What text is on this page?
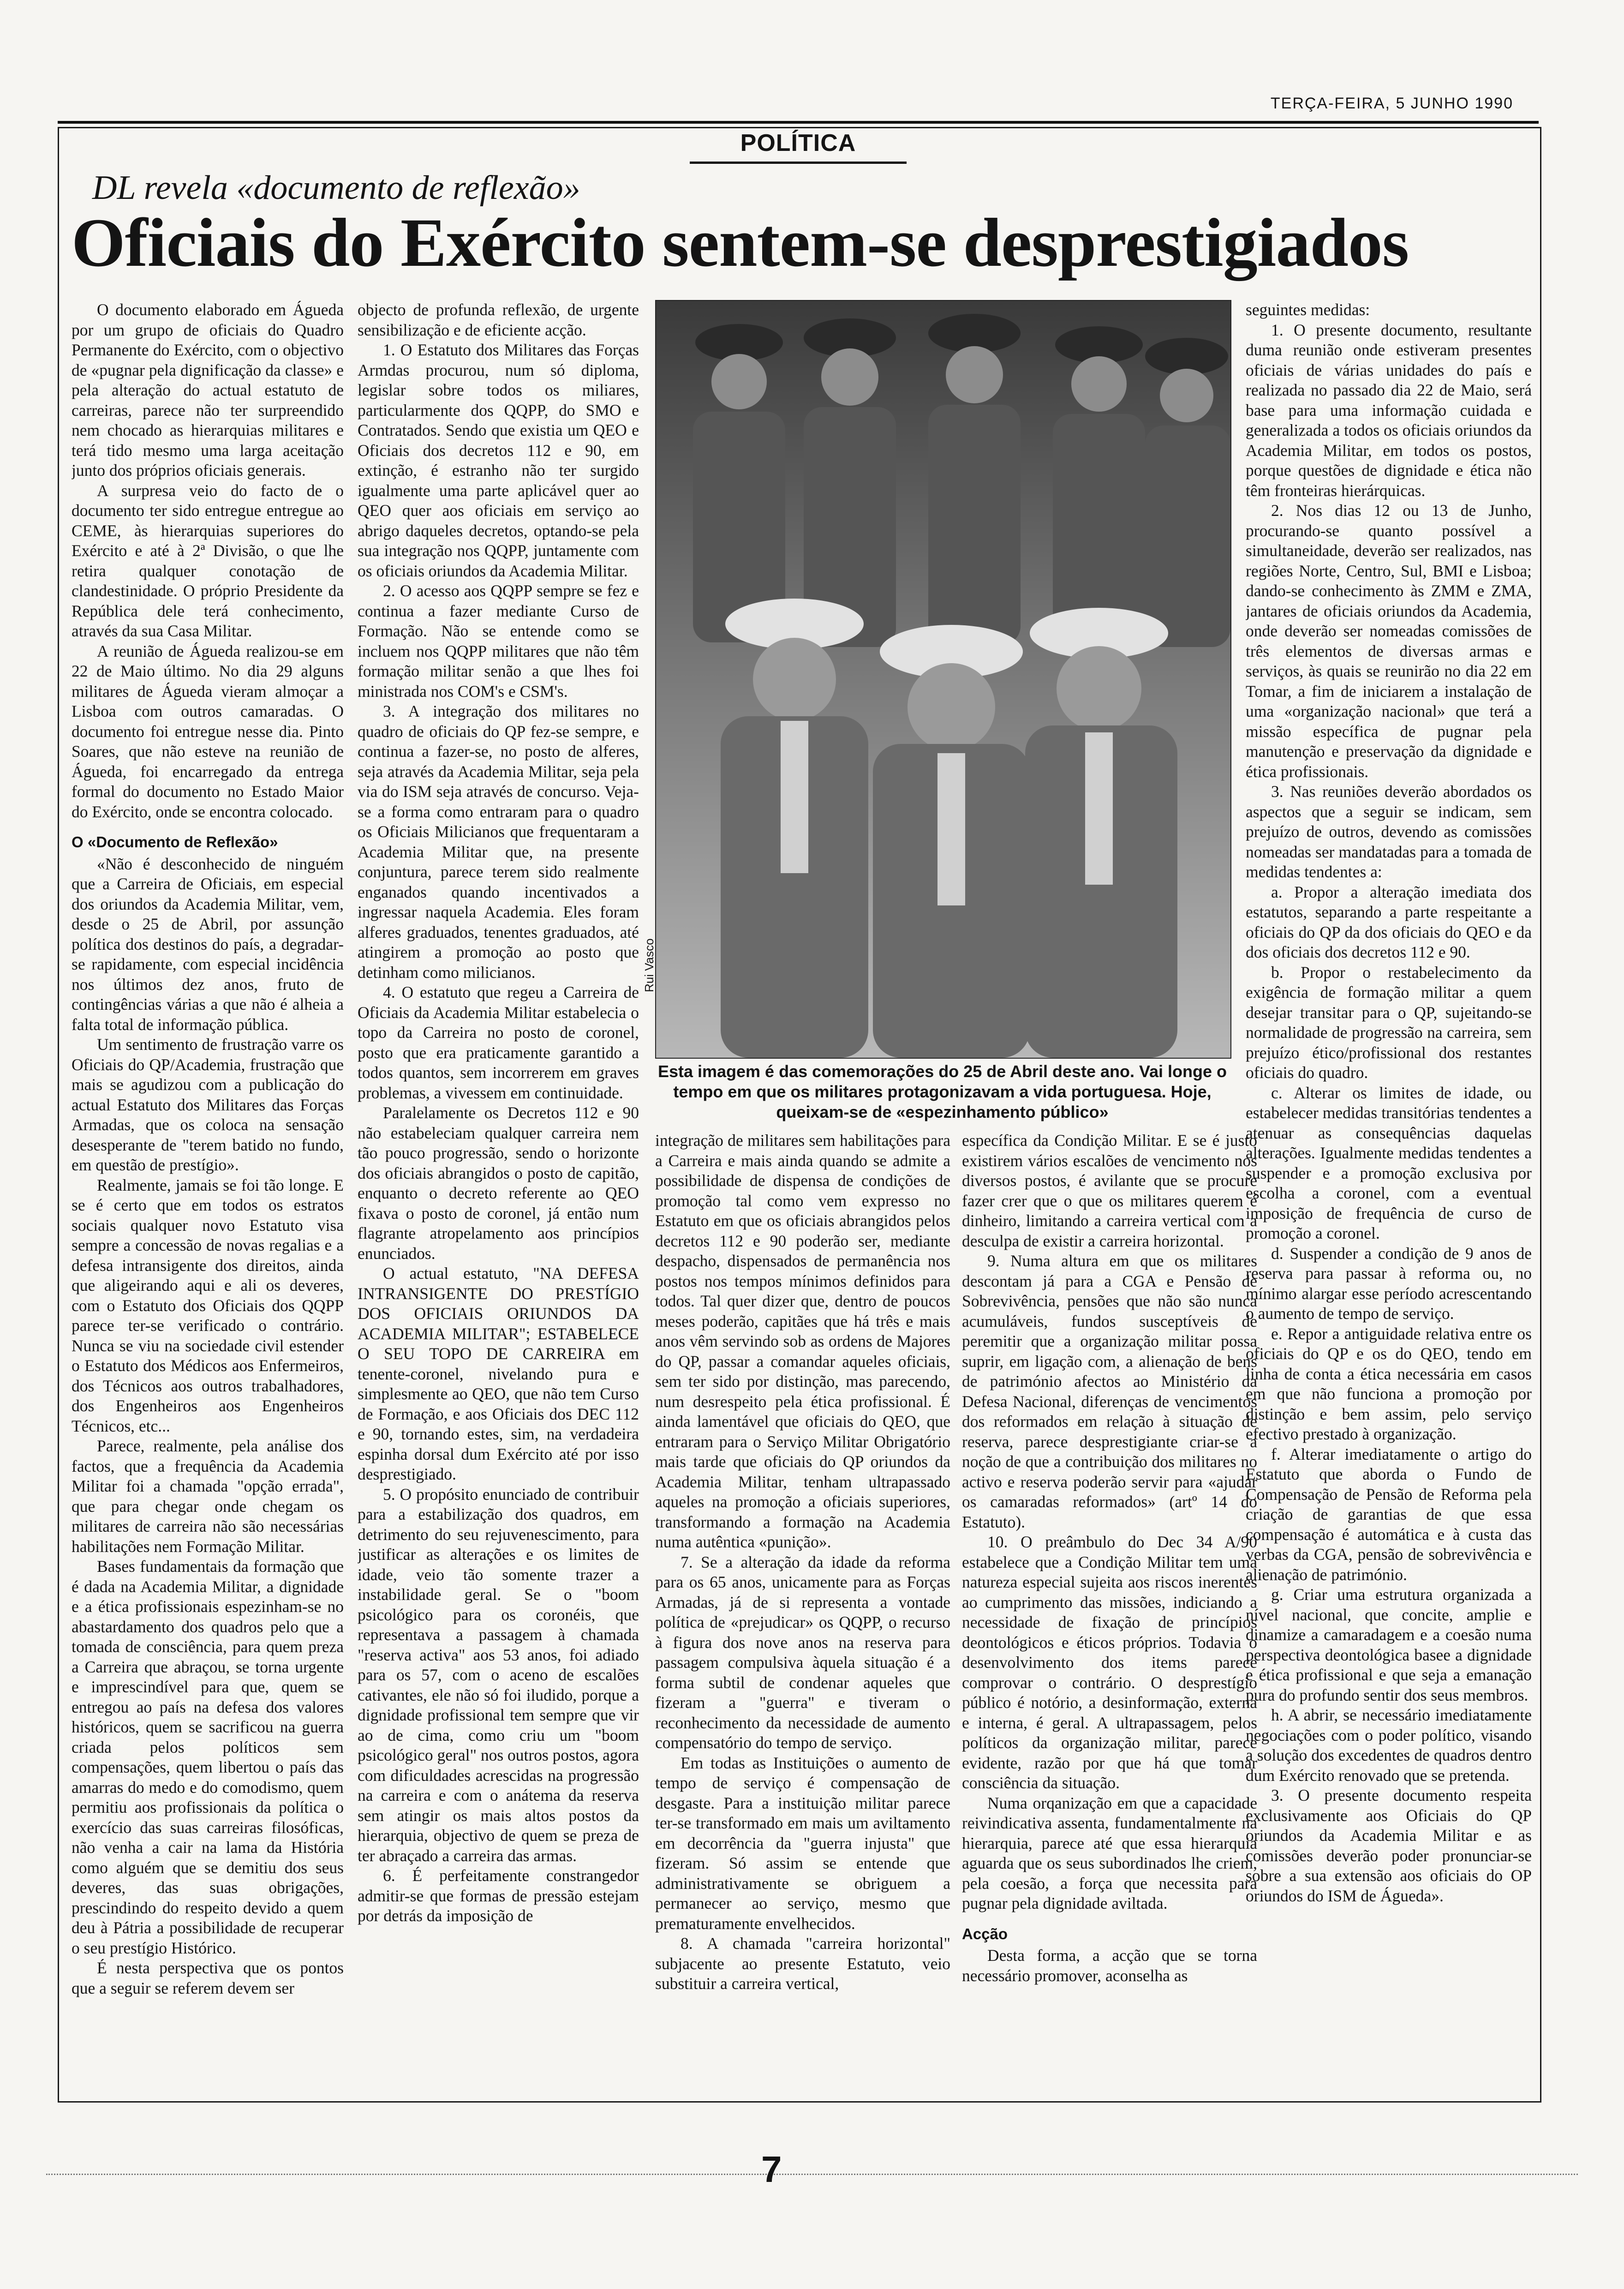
TERÇA-FEIRA, 5 JUNHO 1990
POLÍTICA
DL revela «documento de reflexão»
Oficiais do Exército sentem-se desprestigiados

O documento elaborado em Águeda por um grupo de oficiais do Quadro Permanente do Exército, com o objectivo de «pugnar pela dignificação da classe» e pela alteração do actual estatuto de carreiras, parece não ter surpreendido nem chocado as hierarquias militares e terá tido mesmo uma larga aceitação junto dos próprios oficiais generais.

A surpresa veio do facto de o documento ter sido entregue entregue ao CEME, às hierarquias superiores do Exército e até à 2ª Divisão, o que lhe retira qualquer conotação de clandestinidade. O próprio Presidente da República dele terá conhecimento, através da sua Casa Militar.

A reunião de Águeda realizou-se em 22 de Maio último. No dia 29 alguns militares de Águeda vieram almoçar a Lisboa com outros camaradas. O documento foi entregue nesse dia. Pinto Soares, que não esteve na reunião de Águeda, foi encarregado da entrega formal do documento no Estado Maior do Exército, onde se encontra colocado.

O «Documento de Reflexão»

«Não é desconhecido de ninguém que a Carreira de Oficiais, em especial dos oriundos da Academia Militar, vem, desde o 25 de Abril, por assunção política dos destinos do país, a degradar-se rapidamente, com especial incidência nos últimos dez anos, fruto de contingências várias a que não é alheia a falta total de informação pública.

Um sentimento de frustração varre os Oficiais do QP/Academia, frustração que mais se agudizou com a publicação do actual Estatuto dos Militares das Forças Armadas, que os coloca na sensação desesperante de "terem batido no fundo, em questão de prestígio».

Realmente, jamais se foi tão longe. E se é certo que em todos os estratos sociais qualquer novo Estatuto visa sempre a concessão de novas regalias e a defesa intransigente dos direitos, ainda que aligeirando aqui e ali os deveres, com o Estatuto dos Oficiais dos QQPP parece ter-se verificado o contrário. Nunca se viu na sociedade civil estender o Estatuto dos Médicos aos Enfermeiros, dos Técnicos aos outros trabalhadores, dos Engenheiros aos Engenheiros Técnicos, etc...

Parece, realmente, pela análise dos factos, que a frequência da Academia Militar foi a chamada "opção errada", que para chegar onde chegam os militares de carreira não são necessárias habilitações nem Formação Militar.

Bases fundamentais da formação que é dada na Academia Militar, a dignidade e a ética profissionais espezinham-se no abastardamento dos quadros pelo que a tomada de consciência, para quem preza a Carreira que abraçou, se torna urgente e imprescindível para que, quem se entregou ao país na defesa dos valores históricos, quem se sacrificou na guerra criada pelos políticos sem compensações, quem libertou o país das amarras do medo e do comodismo, quem permitiu aos profissionais da política o exercício das suas carreiras filosóficas, não venha a cair na lama da História como alguém que se demitiu dos seus deveres, das suas obrigações, prescindindo do respeito devido a quem deu à Pátria a possibilidade de recuperar o seu prestígio Histórico.

É nesta perspectiva que os pontos que a seguir se referem devem ser

objecto de profunda reflexão, de urgente sensibilização e de eficiente acção.

1. O Estatuto dos Militares das Forças Armdas procurou, num só diploma, legislar sobre todos os miliares, particularmente dos QQPP, do SMO e Contratados. Sendo que existia um QEO e Oficiais dos decretos 112 e 90, em extinção, é estranho não ter surgido igualmente uma parte aplicável quer ao QEO quer aos oficiais em serviço ao abrigo daqueles decretos, optando-se pela sua integração nos QQPP, juntamente com os oficiais oriundos da Academia Militar.

2. O acesso aos QQPP sempre se fez e continua a fazer mediante Curso de Formação. Não se entende como se incluem nos QQPP militares que não têm formação militar senão a que lhes foi ministrada nos COM's e CSM's.

3. A integração dos militares no quadro de oficiais do QP fez-se sempre, e continua a fazer-se, no posto de alferes, seja através da Academia Militar, seja pela via do ISM seja através de concurso. Veja-se a forma como entraram para o quadro os Oficiais Milicianos que frequentaram a Academia Militar que, na presente conjuntura, parece terem sido realmente enganados quando incentivados a ingressar naquela Academia. Eles foram alferes graduados, tenentes graduados, até atingirem a promoção ao posto que detinham como milicianos.

4. O estatuto que regeu a Carreira de Oficiais da Academia Militar estabelecia o topo da Carreira no posto de coronel, posto que era praticamente garantido a todos quantos, sem incorrerem em graves problemas, a vivessem em continuidade.

Paralelamente os Decretos 112 e 90 não estabeleciam qualquer carreira nem tão pouco progressão, sendo o horizonte dos oficiais abrangidos o posto de capitão, enquanto o decreto referente ao QEO fixava o posto de coronel, já então num flagrante atropelamento aos princípios enunciados.

O actual estatuto, "NA DEFESA INTRANSIGENTE DO PRESTÍGIO DOS OFICIAIS ORIUNDOS DA ACADEMIA MILITAR"; ESTABELECE O SEU TOPO DE CARREIRA em tenente-coronel, nivelando pura e simplesmente ao QEO, que não tem Curso de Formação, e aos Oficiais dos DEC 112 e 90, tornando estes, sim, na verdadeira espinha dorsal dum Exército até por isso desprestigiado.

5. O propósito enunciado de contribuir para a estabilização dos quadros, em detrimento do seu rejuvenescimento, para justificar as alterações e os limites de idade, veio tão somente trazer a instabilidade geral. Se o "boom psicológico para os coronéis, que representava a passagem à chamada "reserva activa" aos 53 anos, foi adiado para os 57, com o aceno de escalões cativantes, ele não só foi iludido, porque a dignidade profissional tem sempre que vir ao de cima, como criu um "boom psicológico geral" nos outros postos, agora com dificuldades acrescidas na progressão na carreira e com o anátema da reserva sem atingir os mais altos postos da hierarquia, objectivo de quem se preza de ter abraçado a carreira das armas.

6. É perfeitamente constrangedor admitir-se que formas de pressão estejam por detrás da imposição de

Rui Vasco
Esta imagem é das comemorações do 25 de Abril deste ano. Vai longe o tempo em que os militares protagonizavam a vida portuguesa. Hoje, queixam-se de «espezinhamento público»

integração de militares sem habilitações para a Carreira e mais ainda quando se admite a possibilidade de dispensa de condições de promoção tal como vem expresso no Estatuto em que os oficiais abrangidos pelos decretos 112 e 90 poderão ser, mediante despacho, dispensados de permanência nos postos nos tempos mínimos definidos para todos. Tal quer dizer que, dentro de poucos meses poderão, capitães que há três e mais anos vêm servindo sob as ordens de Majores do QP, passar a comandar aqueles oficiais, sem ter sido por distinção, mas parecendo, num desrespeito pela ética profissional. É ainda lamentável que oficiais do QEO, que entraram para o Serviço Militar Obrigatório mais tarde que oficiais do QP oriundos da Academia Militar, tenham ultrapassado aqueles na promoção a oficiais superiores, transformando a formação na Academia numa autêntica «punição».

7. Se a alteração da idade da reforma para os 65 anos, unicamente para as Forças Armadas, já de si representa a vontade política de «prejudicar» os QQPP, o recurso à figura dos nove anos na reserva para passagem compulsiva àquela situação é a forma subtil de condenar aqueles que fizeram a "guerra" e tiveram o reconhecimento da necessidade de aumento compensatório do tempo de serviço.

Em todas as Instituições o aumento de tempo de serviço é compensação de desgaste. Para a instituição militar parece ter-se transformado em mais um aviltamento em decorrência da "guerra injusta" que fizeram. Só assim se entende que administrativamente se obriguem a permanecer ao serviço, mesmo que prematuramente envelhecidos.

8. A chamada "carreira horizontal" subjacente ao presente Estatuto, veio substituir a carreira vertical,

específica da Condição Militar. E se é justo existirem vários escalões de vencimento nos diversos postos, é avilante que se procure fazer crer que o que os militares querem é dinheiro, limitando a carreira vertical com a desculpa de existir a carreira horizontal.

9. Numa altura em que os militares descontam já para a CGA e Pensão de Sobrevivência, pensões que não são nunca acumuláveis, fundos susceptíveis de peremitir que a organização militar possa suprir, em ligação com, a alienação de bens de património afectos ao Ministério da Defesa Nacional, diferenças de vencimentos dos reformados em relação à situação de reserva, parece desprestigiante criar-se a noção de que a contribuição dos militares no activo e reserva poderão servir para «ajudar os camaradas reformados» (artº 14 do Estatuto).

10. O preâmbulo do Dec 34 A/90 estabelece que a Condição Militar tem uma natureza especial sujeita aos riscos inerentes ao cumprimento das missões, indiciando a necessidade de fixação de princípios deontológicos e éticos próprios. Todavia o desenvolvimento dos items parece comprovar o contrário. O desprestígio público é notório, a desinformação, externa e interna, é geral. A ultrapassagem, pelos políticos da organização militar, parece evidente, razão por que há que tomar consciência da situação.

Numa orqanização em que a capacidade reivindicativa assenta, fundamentalmente na hierarquia, parece até que essa hierarquia aguarda que os seus subordinados lhe criem, pela coesão, a força que necessita para pugnar pela dignidade aviltada.

Acção

Desta forma, a acção que se torna necessário promover, aconselha as

seguintes medidas:

1. O presente documento, resultante duma reunião onde estiveram presentes oficiais de várias unidades do país e realizada no passado dia 22 de Maio, será base para uma informação cuidada e generalizada a todos os oficiais oriundos da Academia Militar, em todos os postos, porque questões de dignidade e ética não têm fronteiras hierárquicas.

2. Nos dias 12 ou 13 de Junho, procurando-se quanto possível a simultaneidade, deverão ser realizados, nas regiões Norte, Centro, Sul, BMI e Lisboa; dando-se conhecimento às ZMM e ZMA, jantares de oficiais oriundos da Academia, onde deverão ser nomeadas comissões de três elementos de diversas armas e serviços, às quais se reunirão no dia 22 em Tomar, a fim de iniciarem a instalação de uma «organização nacional» que terá a missão específica de pugnar pela manutenção e preservação da dignidade e ética profissionais.

3. Nas reuniões deverão abordados os aspectos que a seguir se indicam, sem prejuízo de outros, devendo as comissões nomeadas ser mandatadas para a tomada de medidas tendentes a:

a. Propor a alteração imediata dos estatutos, separando a parte respeitante a oficiais do QP da dos oficiais do QEO e da dos oficiais dos decretos 112 e 90.

b. Propor o restabelecimento da exigência de formação militar a quem desejar transitar para o QP, sujeitando-se normalidade de progressão na carreira, sem prejuízo ético/profissional dos restantes oficiais do quadro.

c. Alterar os limites de idade, ou estabelecer medidas transitórias tendentes a atenuar as consequências daquelas alterações. Igualmente medidas tendentes a suspender e a promoção exclusiva por escolha a coronel, com a eventual imposição de frequência de curso de promoção a coronel.

d. Suspender a condição de 9 anos de reserva para passar à reforma ou, no mínimo alargar esse período acrescentando o aumento de tempo de serviço.

e. Repor a antiguidade relativa entre os oficiais do QP e os do QEO, tendo em linha de conta a ética necessária em casos em que não funciona a promoção por distinção e bem assim, pelo serviço efectivo prestado à organização.

f. Alterar imediatamente o artigo do Estatuto que aborda o Fundo de Compensação de Pensão de Reforma pela criação de garantias de que essa compensação é automática e à custa das verbas da CGA, pensão de sobrevivência e alienação de património.

g. Criar uma estrutura organizada a nível nacional, que concite, amplie e dinamize a camaradagem e a coesão numa perspectiva deontológica basee a dignidade e ética profissional e que seja a emanação pura do profundo sentir dos seus membros.

h. A abrir, se necessário imediatamente negociações com o poder político, visando a solução dos excedentes de quadros dentro dum Exército renovado que se pretenda.

3. O presente documento respeita exclusivamente aos Oficiais do QP oriundos da Academia Militar e as comissões deverão poder pronunciar-se sobre a sua extensão aos oficiais do OP oriundos do ISM de Águeda».

7
